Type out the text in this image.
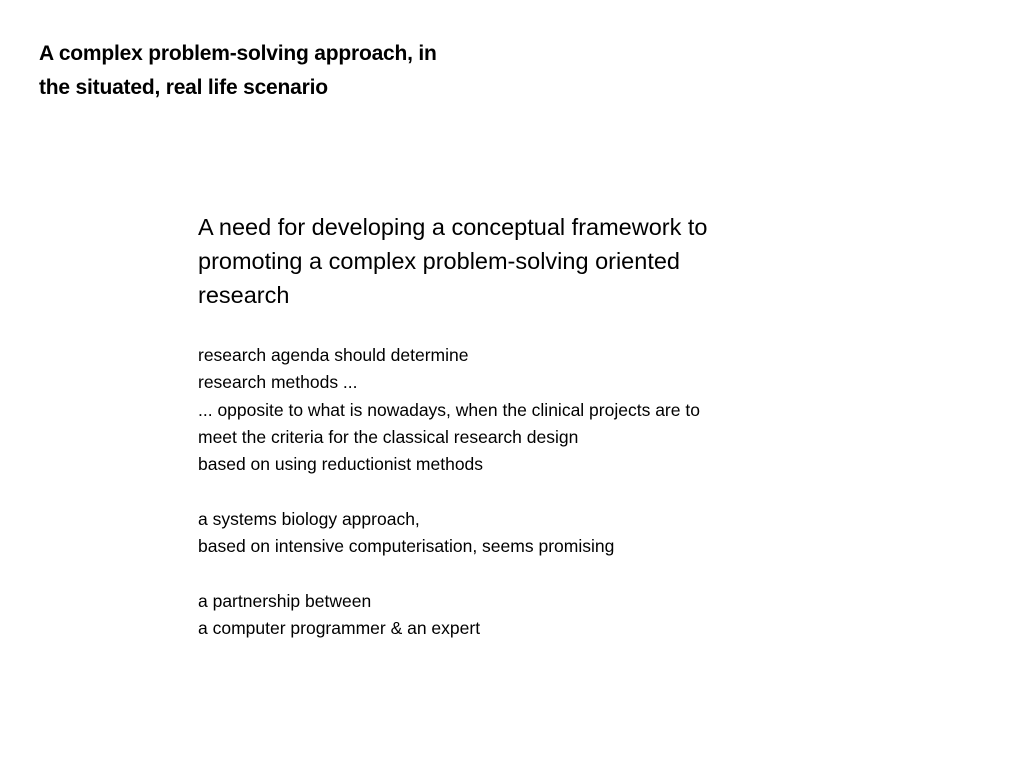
A complex problem-solving approach, in
the situated, real life scenario

A need for developing a conceptual framework to
promoting a complex problem-solving oriented
research

research agenda should determine
research methods ...
... opposite to what is nowadays, when the clinical projects are to
meet the criteria for the classical research design
based on using reductionist methods

a systems biology approach,
based on intensive computerisation, seems promising

a partnership between
a computer programmer & an expert
